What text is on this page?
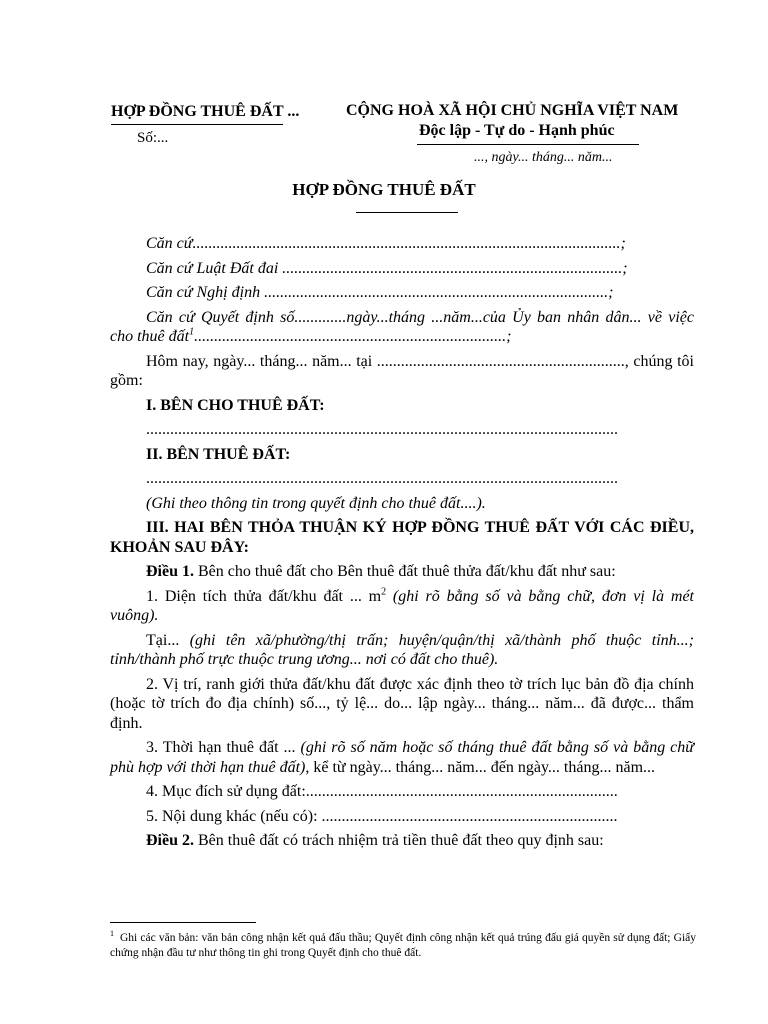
HỢP ĐỒNG THUÊ ĐẤT ...
Số:...
CỘNG HOÀ XÃ HỘI CHỦ NGHĨA VIỆT NAM
Độc lập - Tự do - Hạnh phúc
..., ngày... tháng... năm...
HỢP ĐỒNG THUÊ ĐẤT

Căn cứ...........................................................................................................;

Căn cứ Luật Đất đai .....................................................................................;

Căn cứ Nghị định ......................................................................................;

Căn cứ Quyết định số.............ngày...tháng ...năm...của Ủy ban nhân dân... về việc cho thuê đất$^1$..............................................................................;

Hôm nay, ngày... tháng... năm... tại .............................................................., chúng tôi gồm:

I. BÊN CHO THUÊ ĐẤT:

......................................................................................................................

II. BÊN THUÊ ĐẤT:

......................................................................................................................

(Ghi theo thông tin trong quyết định cho thuê đất....).

III. HAI BÊN THỎA THUẬN KÝ HỢP ĐỒNG THUÊ ĐẤT VỚI CÁC ĐIỀU, KHOẢN SAU ĐÂY:

Điều 1. Bên cho thuê đất cho Bên thuê đất thuê thửa đất/khu đất như sau:

1. Diện tích thửa đất/khu đất ... $m^2$ (ghi rõ bằng số và bằng chữ, đơn vị là mét vuông).

Tại... (ghi tên xã/phường/thị trấn; huyện/quận/thị xã/thành phố thuộc tỉnh...; tỉnh/thành phố trực thuộc trung ương... nơi có đất cho thuê).

2. Vị trí, ranh giới thửa đất/khu đất được xác định theo tờ trích lục bản đồ địa chính (hoặc tờ trích đo địa chính) số..., tỷ lệ... do... lập ngày... tháng... năm... đã được... thẩm định.

3. Thời hạn thuê đất ... (ghi rõ số năm hoặc số tháng thuê đất bằng số và bằng chữ phù hợp với thời hạn thuê đất), kể từ ngày... tháng... năm... đến ngày... tháng... năm...

4. Mục đích sử dụng đất:..............................................................................

5. Nội dung khác (nếu có): ..........................................................................

Điều 2. Bên thuê đất có trách nhiệm trả tiền thuê đất theo quy định sau:

$^1$ Ghi các văn bản: văn bản công nhận kết quả đấu thầu; Quyết định công nhận kết quả trúng đấu giá quyền sử dụng đất; Giấy chứng nhận đầu tư như thông tin ghi trong Quyết định cho thuê đất.
